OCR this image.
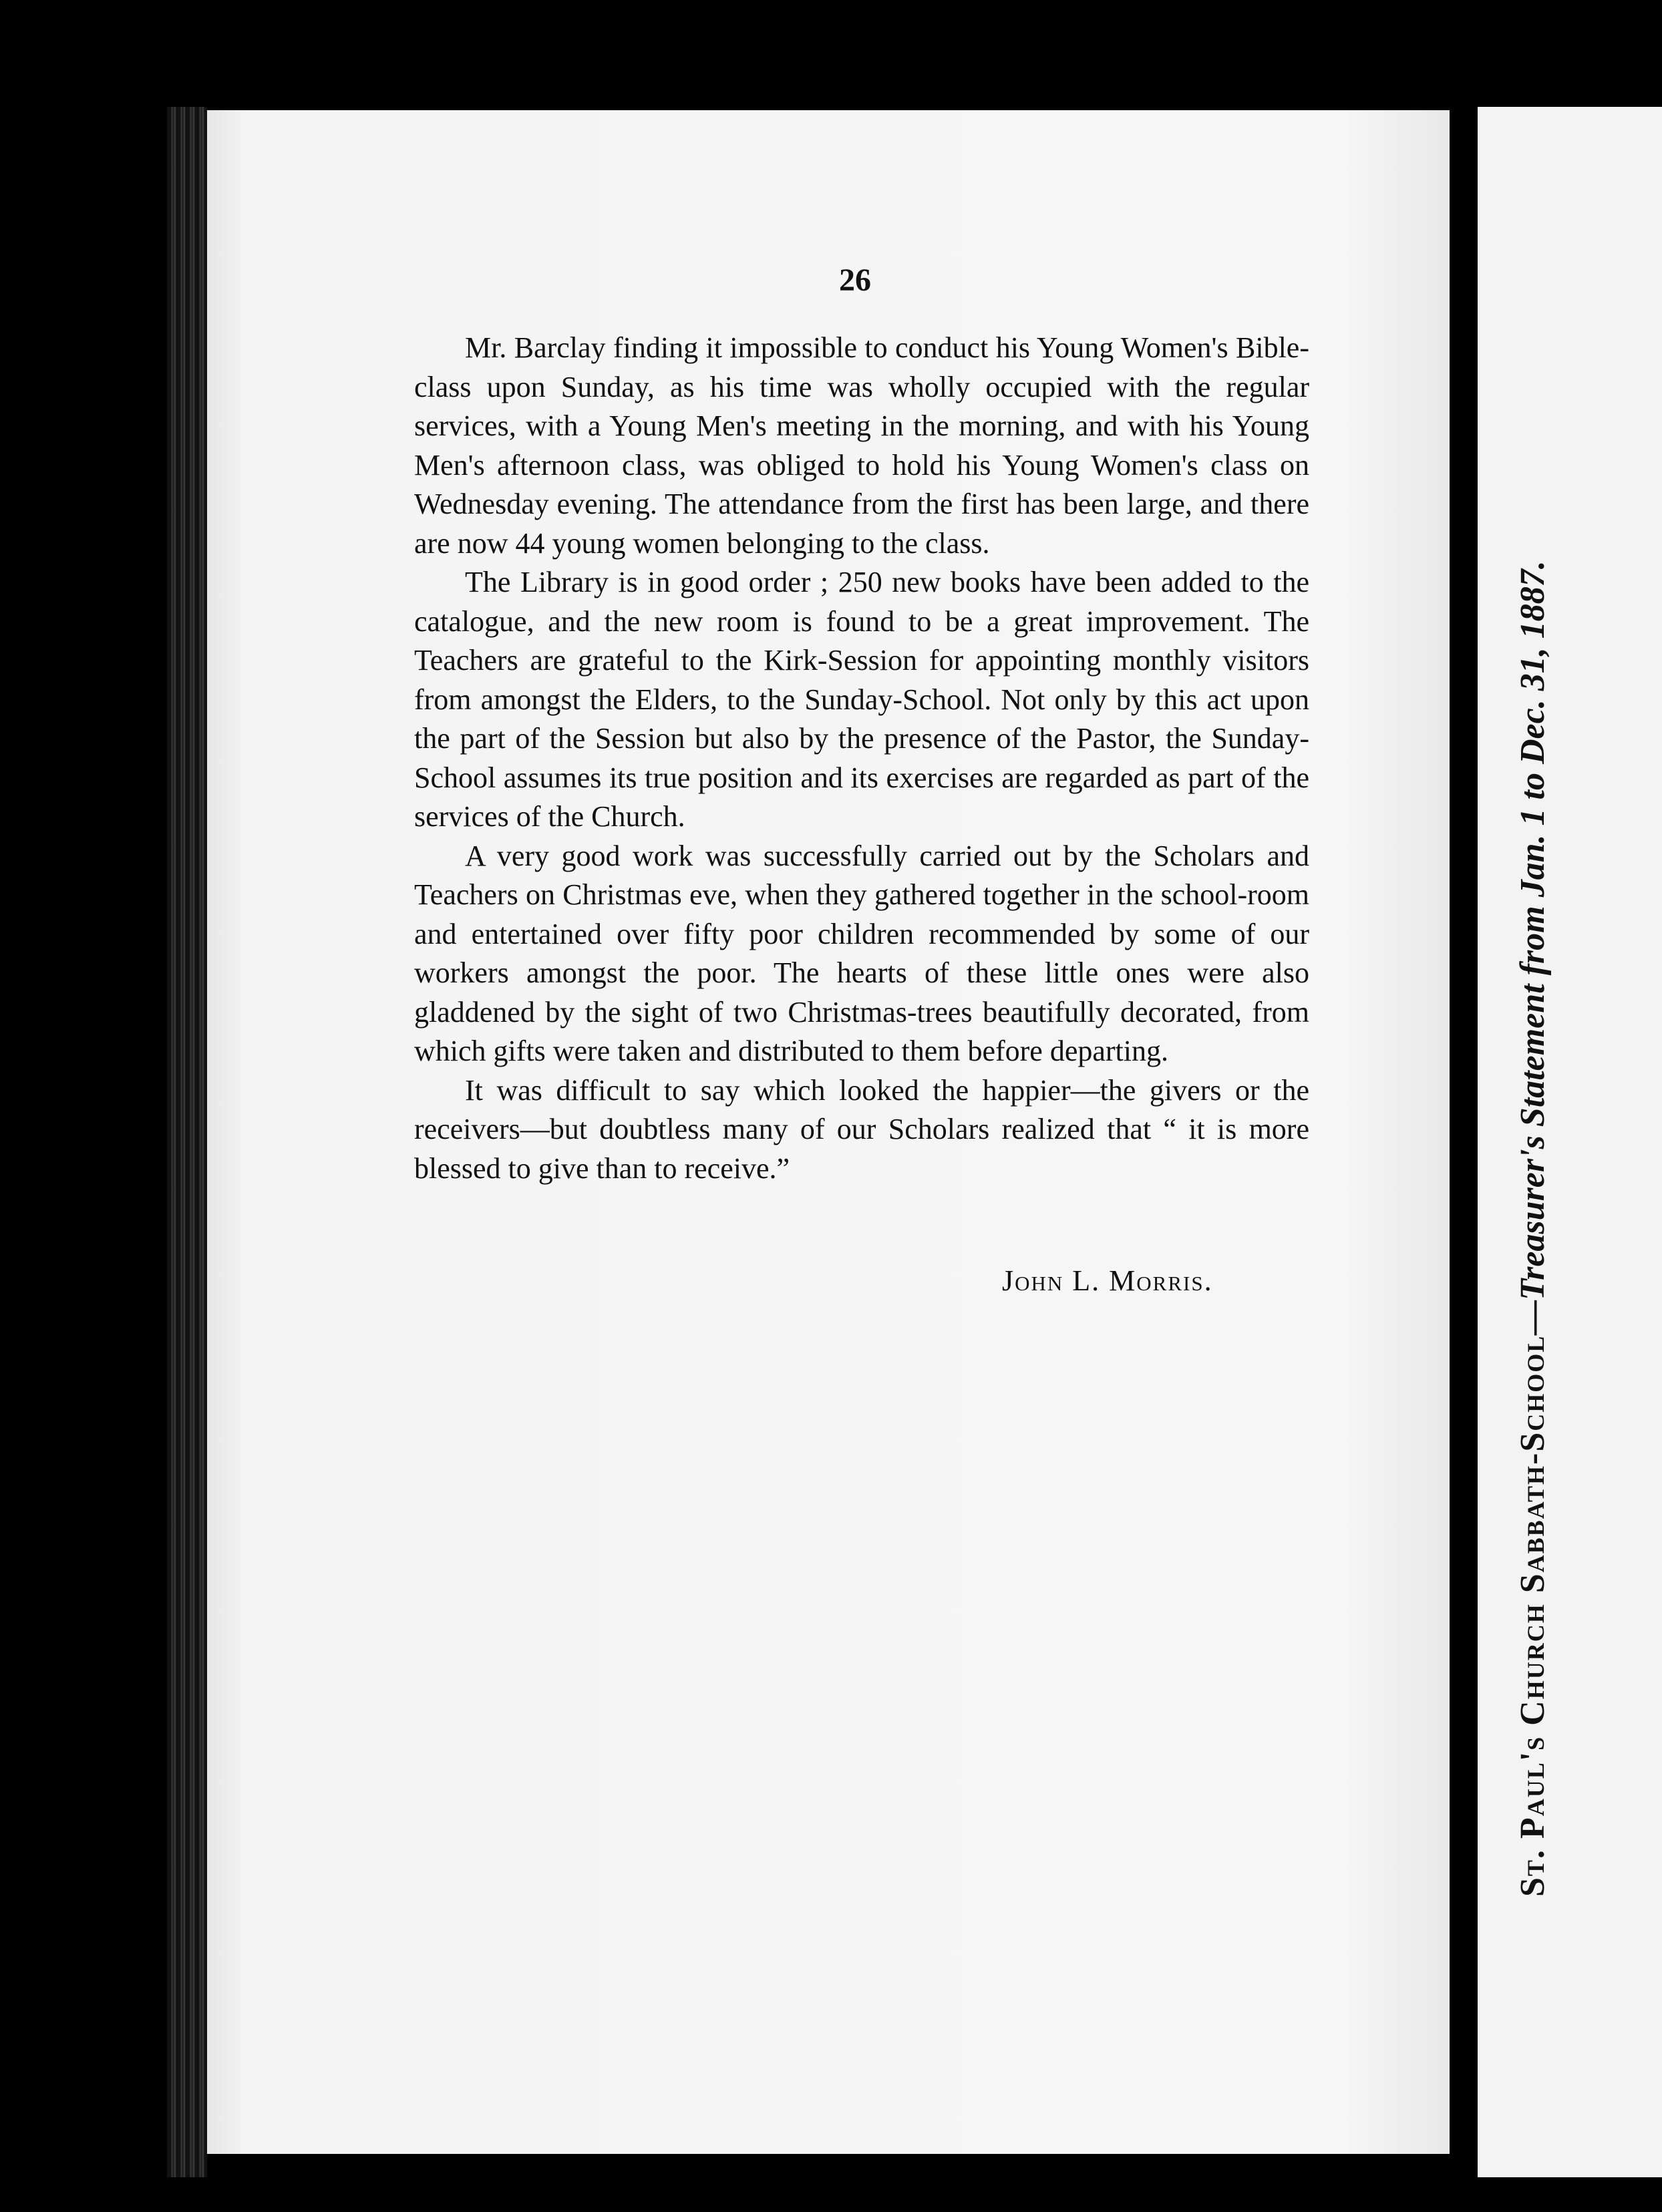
26

Mr. Barclay finding it impossible to conduct his Young Women's Bible-class upon Sunday, as his time was wholly occupied with the regular services, with a Young Men's meeting in the morning, and with his Young Men's afternoon class, was obliged to hold his Young Women's class on Wednesday evening. The attendance from the first has been large, and there are now 44 young women belonging to the class.

The Library is in good order ; 250 new books have been added to the catalogue, and the new room is found to be a great improvement. The Teachers are grateful to the Kirk-Session for appointing monthly visitors from amongst the Elders, to the Sunday-School. Not only by this act upon the part of the Session but also by the presence of the Pastor, the Sunday-School assumes its true position and its exercises are regarded as part of the services of the Church.

A very good work was successfully carried out by the Scholars and Teachers on Christmas eve, when they gathered together in the school-room and entertained over fifty poor children recommended by some of our workers amongst the poor. The hearts of these little ones were also gladdened by the sight of two Christmas-trees beautifully decorated, from which gifts were taken and distributed to them before departing.

It was difficult to say which looked the happier—the givers or the receivers—but doubtless many of our Scholars realized that “ it is more blessed to give than to receive.”

John L. Morris.
St. Paul's Church Sabbath-School—Treasurer's Statement from Jan. 1 to Dec. 31, 1887.
